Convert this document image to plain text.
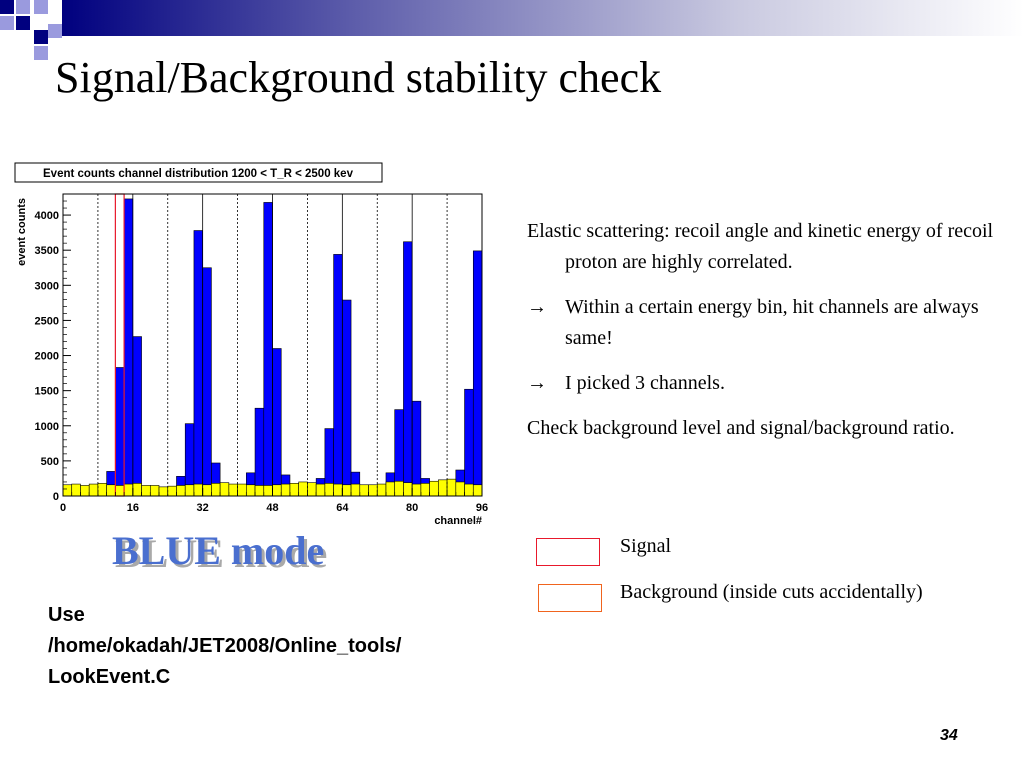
Signal/Background stability check
Event counts channel distribution 1200 < T_R < 2500 kev
0
500
1000
1500
2000
2500
3000
3500
4000
0	16	32	48	64	80	96
channel#
event counts
BLUE mode
Use
/home/okadah/JET2008/Online_tools/
LookEvent.C
Elastic scattering: recoil angle and kinetic energy of recoil proton are highly correlated.
→ Within a certain energy bin, hit channels are always same!
→ I picked 3 channels.
Check background level and signal/background ratio.
Signal
Background (inside cuts accidentally)
34
